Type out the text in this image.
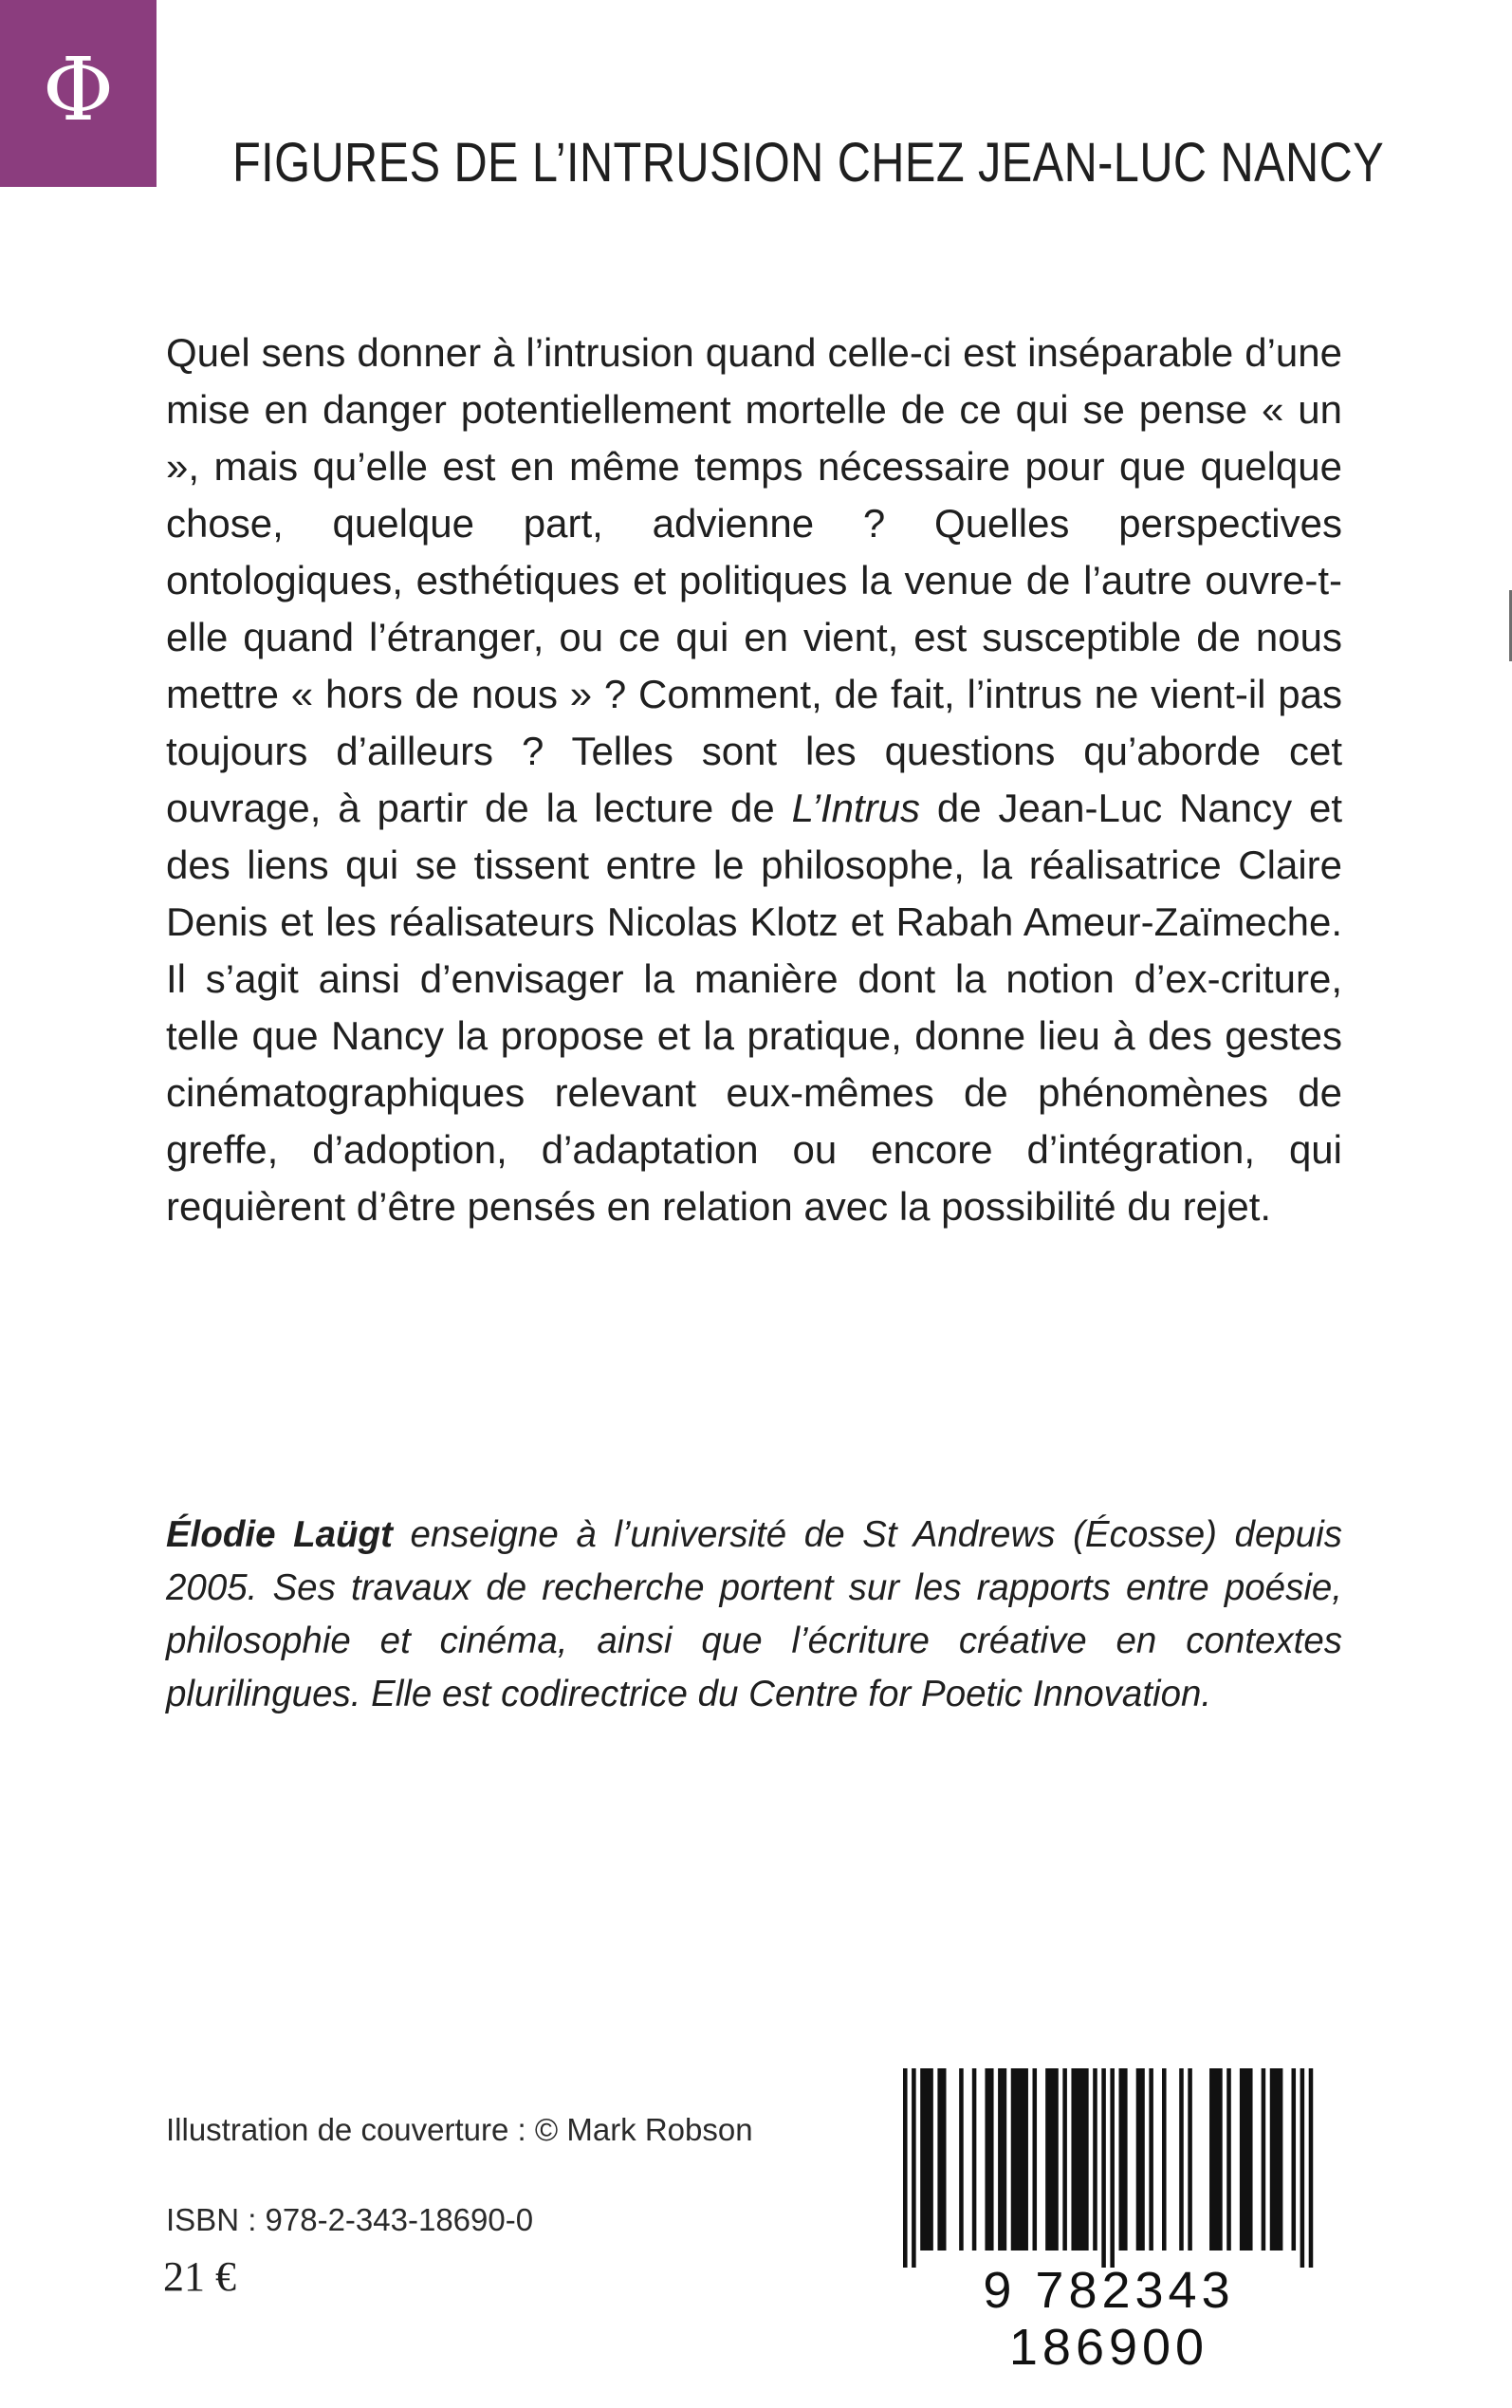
Φ
FIGURES DE L’INTRUSION CHEZ JEAN-LUC NANCY

Quel sens donner à l’intrusion quand celle-ci est inséparable d’une mise en danger potentiellement mortelle de ce qui se pense « un », mais qu’elle est en même temps nécessaire pour que quelque chose, quelque part, advienne ? Quelles perspectives ontologiques, esthétiques et politiques la venue de l’autre ouvre-t-elle quand l’étranger, ou ce qui en vient, est susceptible de nous mettre « hors de nous » ? Comment, de fait, l’intrus ne vient-il pas toujours d’ailleurs ? Telles sont les questions qu’aborde cet ouvrage, à partir de la lecture de L’Intrus de Jean-Luc Nancy et des liens qui se tissent entre le philosophe, la réalisatrice Claire Denis et les réalisateurs Nicolas Klotz et Rabah Ameur-Zaïmeche. Il s’agit ainsi d’envisager la manière dont la notion d’ex-criture, telle que Nancy la propose et la pratique, donne lieu à des gestes cinématographiques relevant eux-mêmes de phénomènes de greffe, d’adoption, d’adaptation ou encore d’intégration, qui requièrent d’être pensés en relation avec la possibilité du rejet.

Élodie Laügt enseigne à l’université de St Andrews (Écosse) depuis 2005. Ses travaux de recherche portent sur les rapports entre poésie, philosophie et cinéma, ainsi que l’écriture créative en contextes plurilingues. Elle est codirectrice du Centre for Poetic Innovation.

Illustration de couverture : © Mark Robson

ISBN : 978-2-343-18690-0

21 €	9 782343 186900
